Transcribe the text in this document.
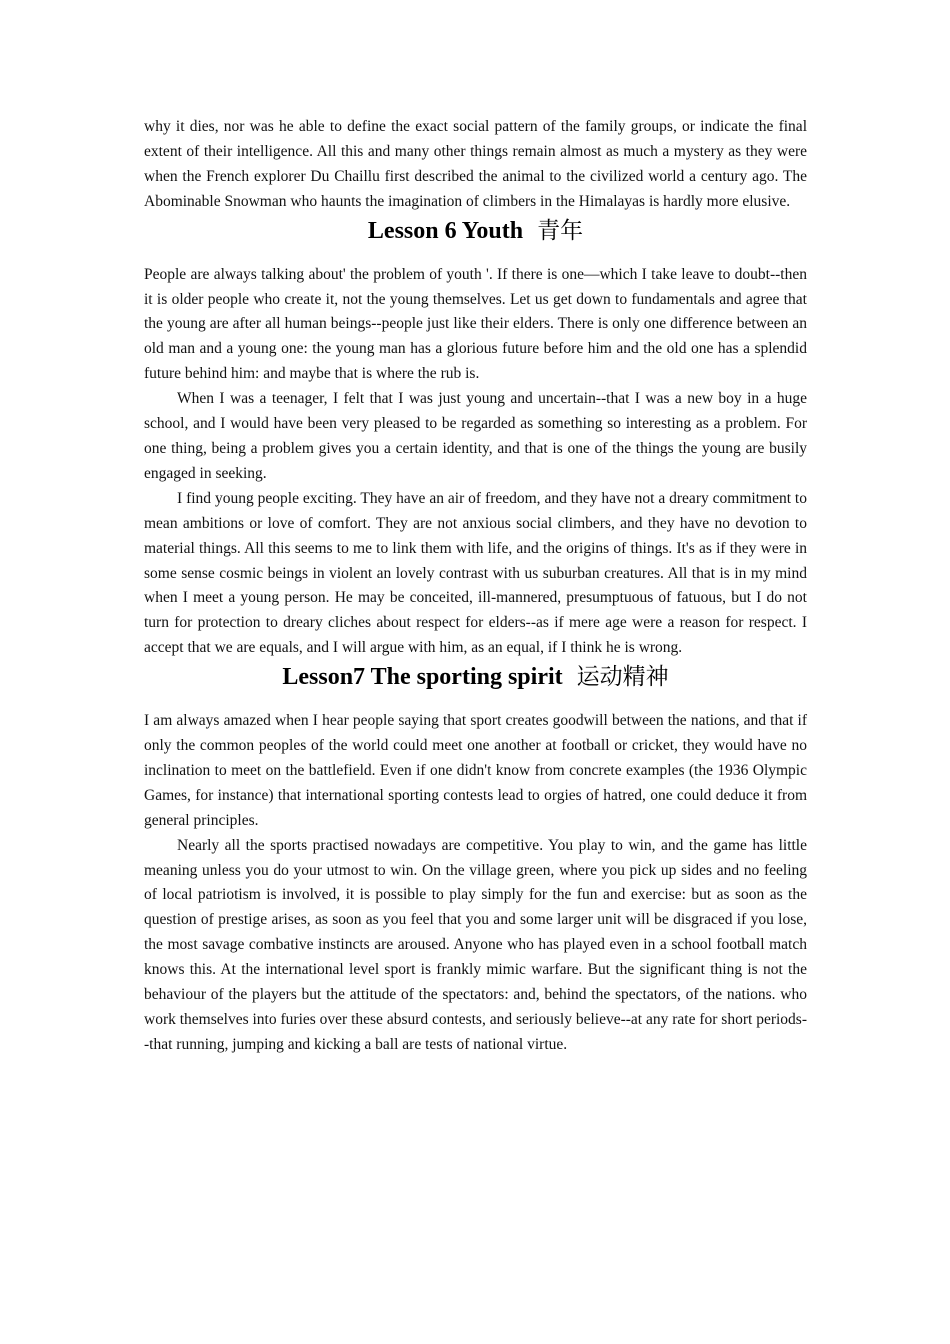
why it dies, nor was he able to define the exact social pattern of the family groups, or indicate the final extent of their intelligence. All this and many other things remain almost as much a mystery as they were when the French explorer Du Chaillu first described the animal to the civilized world a century ago. The Abominable Snowman who haunts the imagination of climbers in the Himalayas is hardly more elusive.

Lesson 6 Youth 青年

People are always talking about' the problem of youth '. If there is one—which I take leave to doubt--then it is older people who create it, not the young themselves. Let us get down to fundamentals and agree that the young are after all human beings--people just like their elders. There is only one difference between an old man and a young one: the young man has a glorious future before him and the old one has a splendid future behind him: and maybe that is where the rub is.

When I was a teenager, I felt that I was just young and uncertain--that I was a new boy in a huge school, and I would have been very pleased to be regarded as something so interesting as a problem. For one thing, being a problem gives you a certain identity, and that is one of the things the young are busily engaged in seeking.

I find young people exciting. They have an air of freedom, and they have not a dreary commitment to mean ambitions or love of comfort. They are not anxious social climbers, and they have no devotion to material things. All this seems to me to link them with life, and the origins of things. It's as if they were in some sense cosmic beings in violent an lovely contrast with us suburban creatures. All that is in my mind when I meet a young person. He may be conceited, ill-mannered, presumptuous of fatuous, but I do not turn for protection to dreary cliches about respect for elders--as if mere age were a reason for respect. I accept that we are equals, and I will argue with him, as an equal, if I think he is wrong.

Lesson7 The sporting spirit 运动精神

I am always amazed when I hear people saying that sport creates goodwill between the nations, and that if only the common peoples of the world could meet one another at football or cricket, they would have no inclination to meet on the battlefield. Even if one didn't know from concrete examples (the 1936 Olympic Games, for instance) that international sporting contests lead to orgies of hatred, one could deduce it from general principles.

Nearly all the sports practised nowadays are competitive. You play to win, and the game has little meaning unless you do your utmost to win. On the village green, where you pick up sides and no feeling of local patriotism is involved, it is possible to play simply for the fun and exercise: but as soon as the question of prestige arises, as soon as you feel that you and some larger unit will be disgraced if you lose, the most savage combative instincts are aroused. Anyone who has played even in a school football match knows this. At the international level sport is frankly mimic warfare. But the significant thing is not the behaviour of the players but the attitude of the spectators: and, behind the spectators, of the nations. who work themselves into furies over these absurd contests, and seriously believe--at any rate for short periods--that running, jumping and kicking a ball are tests of national virtue.
